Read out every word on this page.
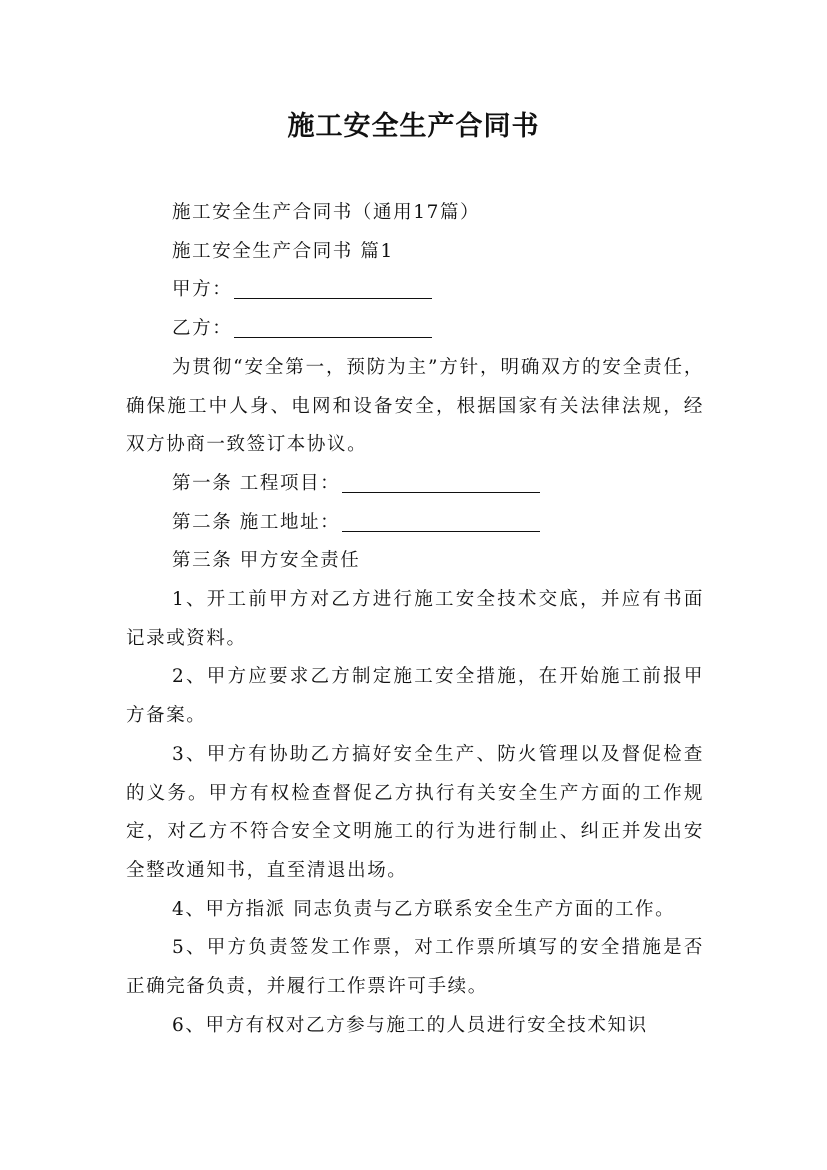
施工安全生产合同书

施工安全生产合同书（通用17篇）

施工安全生产合同书 篇1

甲方：

乙方：

为贯彻“安全第一，预防为主”方针，明确双方的安全责任，确保施工中人身、电网和设备安全，根据国家有关法律法规，经双方协商一致签订本协议。

第一条 工程项目：

第二条 施工地址：

第三条 甲方安全责任

1、开工前甲方对乙方进行施工安全技术交底，并应有书面记录或资料。

2、甲方应要求乙方制定施工安全措施，在开始施工前报甲方备案。

3、甲方有协助乙方搞好安全生产、防火管理以及督促检查的义务。甲方有权检查督促乙方执行有关安全生产方面的工作规定，对乙方不符合安全文明施工的行为进行制止、纠正并发出安全整改通知书，直至清退出场。

4、甲方指派 同志负责与乙方联系安全生产方面的工作。

5、甲方负责签发工作票，对工作票所填写的安全措施是否正确完备负责，并履行工作票许可手续。

6、甲方有权对乙方参与施工的人员进行安全技术知识
